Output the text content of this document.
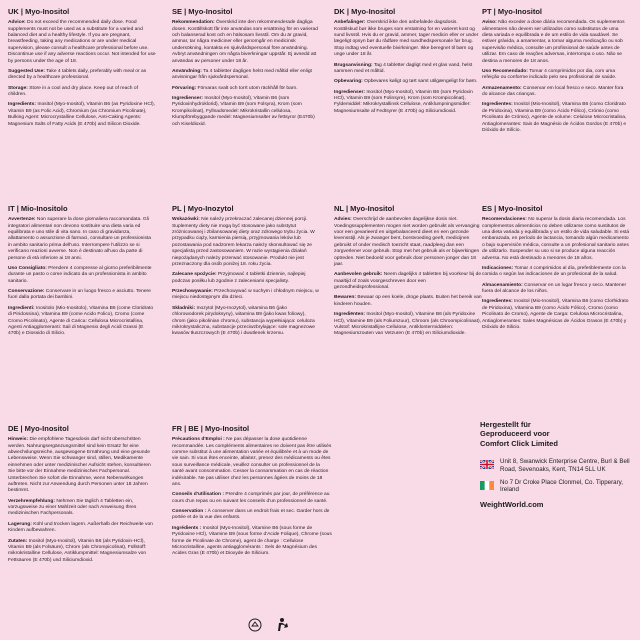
UK | Myo-Inositol
Advice: Do not exceed the recommended daily dose. Food supplements must not be used as a substitute for a varied and balanced diet and a healthy lifestyle. If you are pregnant, breastfeeding, taking any medications or are under medical supervision, please consult a healthcare professional before use. Discontinue use if any adverse reactions occur. Not intended for use by persons under the age of 18.
Suggested Use: Take 4 tablets daily, preferably with meal or as directed by a healthcare professional.
Storage: Store in a cool and dry place. Keep out of reach of children.
Ingredients: Inositol (Myo-Inositol), Vitamin B6 (as Pyridoxine HCl), Vitamin B9 (as Folic Acid), Chromium (as Chromium Picolinate), Bulking Agent: Microcrystalline Cellulose, Anti-Caking Agents: Magnesium Salts of Fatty Acids (E 470b) and Silicon Dioxide.
SE | Myo-Inositol
Rekommendation: Överskrid inte den rekommenderade dagliga dosen. Kosttillskott får inte användas som ersättning för en varierad och balanserad kost och en hälsosam livsstil. Om du är gravid, ammar, tar några mediciner eller genomgår en medicinsk undersökning, kontakta en sjukvårdspersonal före användning. Avbryt användningen om några biverkningar uppstår. Ej avsedd att användas av personer under 18 år.
Användning: Ta 4 tabletter dagligen helst med måltid eller enligt anvisningar från sjukvårdspersonal.
Förvaring: Förvaras svalt och torrt utom räckhåll för barn.
Ingredienser: Inositol (Myo-Inositol), Vitamin B6 (som Pyridoxinhydroklorid), Vitamin B9 (som Folsyra), Krom (som Krompikolinat), Fyllnadsmedel: Mikrokristallin cellulosa, Klumpförebyggande medel: Magnesiumsalter av fettsyror (E470b) och Kiseldioxid.
DK | Myo-Inositol
Anbefalinger: Overskrid ikke den anbefalede dagsdosis. Kosttilskud bør ikke bruges som erstatning for en varieret kost og sund livsstil. Hvis du er gravid, ammer, tager medicin eller er under lægeligt opsyn bør du rådføre med sundhedspersonale før brug. Stop indtag ved eventuelle bivirkninger. Ikke beregnet til børn og unge under 18 år.
Brugsanvisning: Tag 4 tabletter dagligt med et glas vand, helst sammen med et måltid.
Opbevaring: Opbevares køligt og tørt samt utilgængeligt for børn.
Ingredienser: Inositol (Myo-Inositol), Vitamin B6 (som Pyridoxin HCl), Vitamin B9 (som Folinsyre), Krom (som Krompicolinat), Fyldemiddel: Mikrokrystallinsk Cellulose, Antiklumpningsmidler: Magnesiumsalte af Fedtsyrer (E 470b) og Siliciumdioxid.
PT | Myo-Inositol
Aviso: Não exceder a dose diária recomendada. Os suplementos alimentares não devem ser utilizados como substitutos de uma dieta variada e equilibrada e de um estilo de vida saudável. Se estiver grávida, a amamentar, a tomar alguma medicação ou sob supervisão médica, consulte um profissional de saúde antes de utilizar. Em caso de reações adversas, interrompa o uso. Não se destina a menores de 18 anos.
Uso Recomendado: Tomar 4 comprimidos por dia, com uma refeição ou conforme indicado pelo seu profissional de saúde.
Armazenamento: Conservar em local fresco e seco. Manter fora do alcance das crianças.
Ingredientes: Inositol (Mio-Inositol), Vitamina B6 (como Cloridrato de Piridoxina), Vitamina B9 (como Ácido Fólico), Crómio (como Picolinato de Crómio), Agente de volume: Celulose Microcristalina, Antiaglomerantes: Sais de Magnésio de Ácidos Gordos (E 470b) e Dióxido de Silício.
IT | Mio-Inositolo
Avvertenze: Non superare la dose giornaliera raccomandata. Gli integratori alimentari non devono sostituire una dieta varia ed equilibrata e uno stile di vita sano. In caso di gravidanza, allattamento o assunzione di farmaci, consultare un professionista in ambito sanitario prima dell'uso. Interrompere l'utilizzo se si verificano reazioni avverse. Non è destinato all'uso da parte di persone di età inferiore ai 18 anni.
Uso Consigliato: Prendere 4 compresse al giorno preferibilmente durante un pasto o come indicato da un professionista in ambito sanitario.
Conservazione: Conservare in un luogo fresco e asciutto. Tenere fuori dalla portata dei bambini.
Ingredienti: Inositolo (Mio-Inositolo), Vitamina B6 (come Cloridrato di Piridossina), Vitamina B9 (come Acido Folico), Cromo (come Cromo Picolinato), Agente di Carica: Cellulosa Microcristallina, Agenti Antiagglomeranti: Sali di Magnesio degli Acidi Grassi (E 470b) e Diossido di Silicio.
PL | Myo-Inozytol
Wskazówki: Nie należy przekraczać zalecanej dziennej porcji. Suplementy diety nie mogą być stosowane jako substytut zróżnicowanej i zbilansowanej diety oraz zdrowego trybu życia. W przypadku ciąży, karmienia piersią, przyjmowania leków lub pozostawania pod nadzorem lekarza należy skonsultować się ze specjalistą przed zastosowaniem. W razie wystąpienia działań niepożądanych należy przerwać stosowanie. Produkt nie jest przeznaczony dla osób poniżej 18. roku życia.
Zalecane spożycie: Przyjmować 4 tabletki dziennie, najlepiej podczas posiłku lub zgodnie z zaleceniami specjalisty.
Przechowywanie: Przechowywać w suchym i chłodnym miejscu, w miejscu niedostępnym dla dzieci.
Składniki: Inozytol (Myo-Inozytol), witamina B6 (jako chlorowodorek pirydoksyny), witamina B9 (jako kwas foliowy), chrom (jako pikolinian chromu), substancja wypełniająca: celuloza mikrokrystaliczna, substancje przeciwzbrylające: sole magnezowe kwasów tłuszczowych (E 470b) i dwutlenek krzemu.
NL | Myo-Inositol
Advies: Overschrijd de aanbevolen dagelijkse dosis niet. Voedingssupplementen mogen niet worden gebruikt als vervanging voor een gevarieerd en uitgebalanceerd dieet en een gezonde levensstijl. Als je zwanger bent, borstvoeding geeft, medicijnen gebruikt of onder medisch toezicht staat, raadpleeg dan een zorgverlener voor gebruik. Stop met het gebruik als er bijwerkingen optreden. Niet bedoeld voor gebruik door personen jonger dan 18 jaar.
Aanbevolen gebruik: Neem dagelijks 4 tabletten bij voorkeur bij de maaltijd of zoals voorgeschreven door een gezondheidsprofessional.
Bewaren: Bewaar op een koele, droge plaats. Buiten het bereik van kinderen houden.
Ingrediënten: Inositol (Myo-Inositol), Vitamine B6 (als Pyridoxine HCl), Vitamine B9 (als Foliumzuur), Chroom (als Chroompicolinaat), Vulstof: Microkristallijne Cellulose, Antiklontermiddelen: Magnesiumzouten van Vetzuren (E 470b) en Siliciumdioxide.
ES | Myo-Inositol
Recomendaciones: No superar la dosis diaria recomendada. Los complementos alimenticios no deben utilizarse como sustitutos de una dieta variada y equilibrada y un estilo de vida saludable. Si está embarazada, en período de lactancia, tomando algún medicamento o bajo supervisión médica, consulte a un profesional sanitario antes de utilizarlo. Suspender su uso si se produce alguna reacción adversa. No está destinado a menores de 18 años.
Indicaciones: Tomar 4 comprimidos al día, preferiblemente con la comida o según las indicaciones de un profesional de la salud.
Almacenamiento: Conservar en un lugar fresco y seco. Mantener fuera del alcance de los niños.
Ingredientes: Inositol (Mio-Inositol), Vitamina B6 (como Clorhidrato de Piridoxina), Vitamina B9 (como Ácido Fólico), Cromo (como Picolinato de Cromo), Agente de Carga: Celulosa Microcristalina, Antiaglomerantes: Sales Magnésicas de Ácidos Grasos (E 470b) y Dióxido de Silicio.
DE | Myo-Inositol
Hinweis: Die empfohlene Tagesdosis darf nicht überschritten werden. Nahrungsergänzungsmittel sind kein Ersatz für eine abwechslungsreiche, ausgewogene Ernährung und eine gesunde Lebensweise. Wenn Sie schwanger sind, stillen, Medikamente einnehmen oder unter medizinischer Aufsicht stehen, konsultieren Sie bitte vor der Einnahme medizinisches Fachpersonal. Unterbrechen Sie sofort die Einnahme, wenn Nebenwirkungen auftreten. Nicht zur Anwendung durch Personen unter 18 Jahren bestimmt.
Verzehrempfehlung: Nehmen Sie täglich 4 Tabletten ein, vorzugsweise zu einer Mahlzeit oder nach Anweisung Ihres medizinischen Fachpersonals.
Lagerung: Kühl und trocken lagern. Außerhalb der Reichweite von Kindern aufbewahren.
Zutaten: Inositol (Myo-Inositol), Vitamin B6 (als Pyridoxin-HCl), Vitamin B9 (als Folsäure), Chrom (als Chrompicolinat), Füllstoff: mikrokristalline Cellulose, Antiklumpmittel: Magnesiumsalze von Fettsäuren (E 470b) und Siliciumdioxid.
FR | BE | Myo-Inositol
Précautions d'Emploi : Ne pas dépasser la dose quotidienne recommandée. Les compléments alimentaires ne doivent pas être utilisés comme substitut à une alimentation variée et équilibrée et à un mode de vie sain. Si vous êtes enceinte, allaitez, prenez des médicaments ou êtes sous surveillance médicale, veuillez consulter un professionnel de la santé avant consommation. Cesser la consommation en cas de réaction indésirable. Ne pas utiliser chez les personnes âgées de moins de 18 ans.
Conseils d'utilisation : Prendre 4 comprimés par jour, de préférence au cours d'un repas ou en suivant les conseils d'un professionnel de santé.
Conservation : À conserver dans un endroit frais et sec. Garder hors de portée et de la vue des enfants.
Ingrédients : Inositol (Myo-Inositol), Vitamine B6 (sous forme de Pyridoxine HCl), Vitamine B9 (sous forme d'Acide Folique), Chrome (sous forme de Picolinate de Chrome), agent de charge : Cellulose Microcristalline, agents antiagglomérants : Sels de Magnésium des Acides Gras (E 470b) et Dioxyde de Silicium.
Hergestellt für
Geproduceerd voor
Comfort Click Limited
Unit 8, Swanwick Enterprise Centre, Burl & Bell Road, Sevenoaks, Kent, TN14 5LL UK
No 7 Dr Croke Place Clonmel, Co. Tipperary, Ireland
WeightWorld.com
